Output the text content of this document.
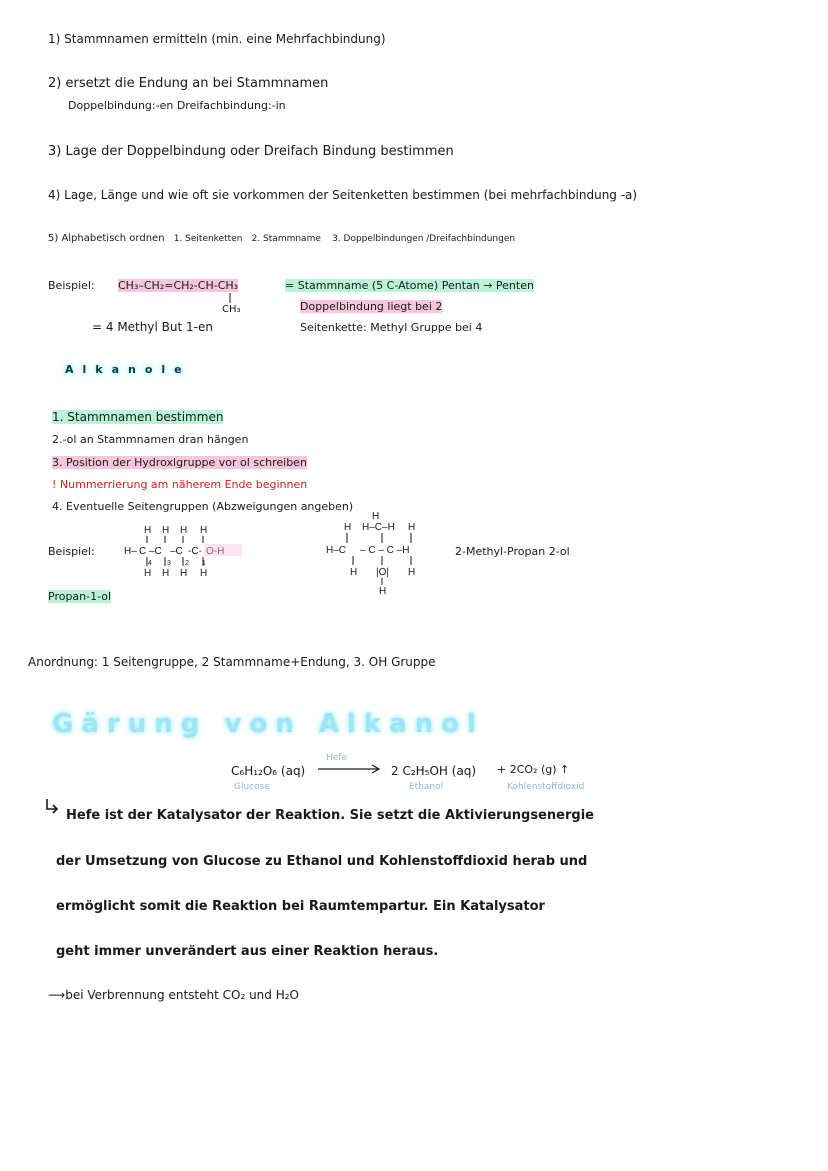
1) Stammnamen ermitteln (min. eine Mehrfachbindung)
2) ersetzt die Endung an bei Stammnamen
Doppelbindung:-en Dreifachbindung:-in
3) Lage der Doppelbindung oder Dreifach Bindung bestimmen
4) Lage, Länge und wie oft sie vorkommen der Seitenketten bestimmen (bei mehrfachbindung -a)
5) Alphabetisch ordnen 1. Seitenketten 2. Stammname 3. Doppelbindungen /Dreifachbindungen
Beispiel: CH₃–CH₂=CH₂-CH-CH₃
CH₃
= 4 Methyl But 1-en
= Stammname (5 C-Atome) Pentan → Penten
Doppelbindung liegt bei 2
Seitenkette: Methyl Gruppe bei 4
Alkanole
1. Stammnamen bestimmen
2.-ol an Stammnamen dran hängen
3. Position der Hydroxlgruppe vor ol schreiben
! Nummerrierung am näherem Ende beginnen
4. Eventuelle Seitengruppen (Abzweigungen angeben)
Beispiel:
H H H H
H– C –C –C -C- O-H
H H H H
4 3 2 1
H
H H–C–H H
H–C – C – C –H
H |O| H
H
2-Methyl-Propan 2-ol
Propan-1-ol
Anordnung: 1 Seitengruppe, 2 Stammname+Endung, 3. OH Gruppe
Gärung von Alkanol
C₆H₁₂O₆ (aq)
Hefe
2 C₂H₅OH (aq) + 2CO₂ (g) ↑
Glucose	Ethanol	Kohlenstoffdioxid
Hefe ist der Katalysator der Reaktion. Sie setzt die Aktivierungsenergie
der Umsetzung von Glucose zu Ethanol und Kohlenstoffdioxid herab und
ermöglicht somit die Reaktion bei Raumtempartur. Ein Katalysator
geht immer unverändert aus einer Reaktion heraus.
⟶bei Verbrennung entsteht CO₂ und H₂O
